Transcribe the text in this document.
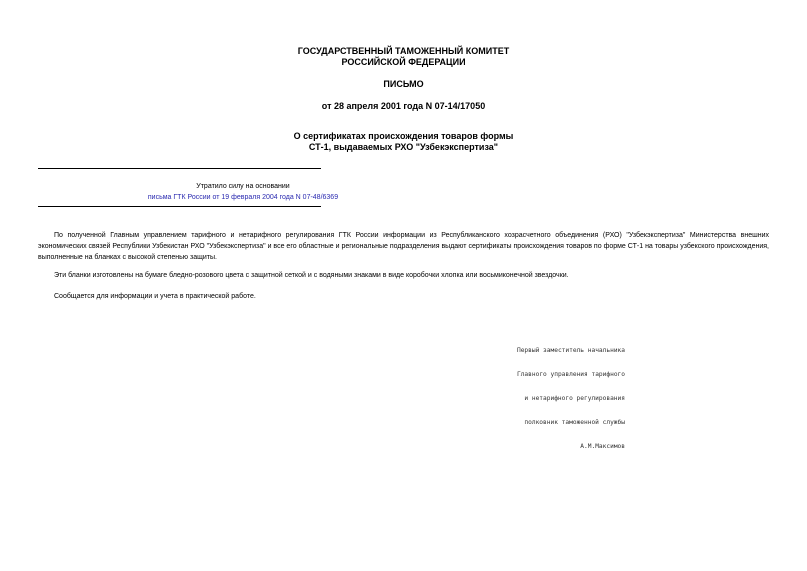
ГОСУДАРСТВЕННЫЙ ТАМОЖЕННЫЙ КОМИТЕТ
РОССИЙСКОЙ ФЕДЕРАЦИИ
ПИСЬМО
от 28 апреля 2001 года N 07-14/17050
О сертификатах происхождения товаров формы
СТ-1, выдаваемых РХО "Узбекэкспертиза"
Утратило силу на основании
письма ГТК России от 19 февраля 2004 года N 07-48/6369

По полученной Главным управлением тарифного и нетарифного регулирования ГТК России информации из Республиканского хозрасчетного объединения (РХО) "Узбекэкспертиза" Министерства внешних экономических связей Республики Узбекистан РХО "Узбекэкспертиза" и все его областные и региональные подразделения выдают сертификаты происхождения товаров по форме СТ-1 на товары узбекского происхождения, выполненные на бланках с высокой степенью защиты.

Эти бланки изготовлены на бумаге бледно-розового цвета с защитной сеткой и с водяными знаками в виде коробочки хлопка или восьмиконечной звездочки.

Сообщается для информации и учета в практической работе.

Первый заместитель начальника

Главного управления тарифного

и нетарифного регулирования

полковник таможенной службы

А.М.Максимов
